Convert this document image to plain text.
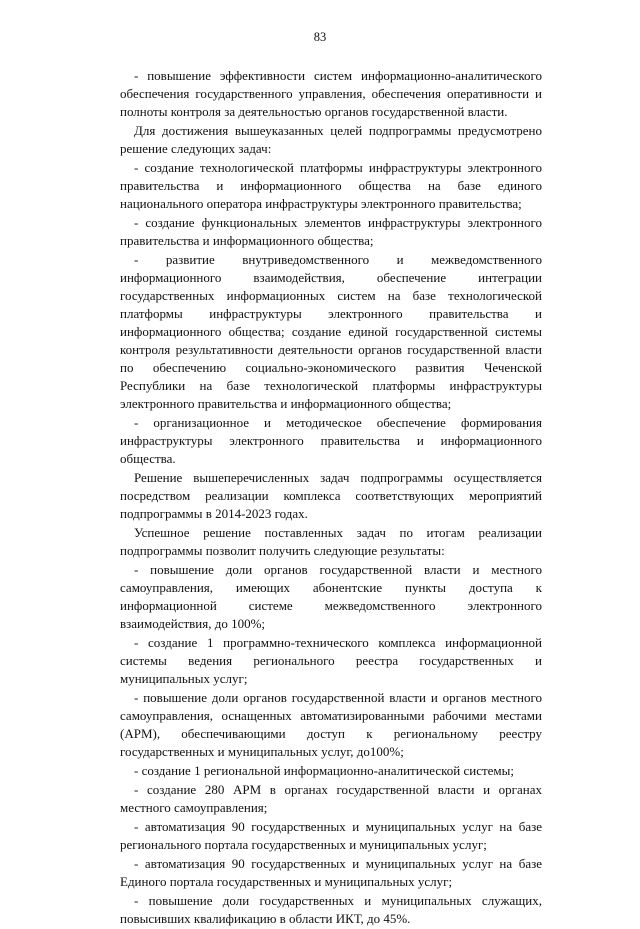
83

- повышение эффективности систем информационно-аналитического обеспечения государственного управления, обеспечения оперативности и полноты контроля за деятельностью органов государственной власти.

Для достижения вышеуказанных целей подпрограммы предусмотрено решение следующих задач:

- создание технологической платформы инфраструктуры электронного правительства и информационного общества на базе единого национального оператора инфраструктуры электронного правительства;

- создание функциональных элементов инфраструктуры электронного правительства и информационного общества;

- развитие внутриведомственного и межведомственного информационного взаимодействия, обеспечение интеграции государственных информационных систем на базе технологической платформы инфраструктуры электронного правительства и информационного общества; создание единой государственной системы контроля результативности деятельности органов государственной власти по обеспечению социально-экономического развития Чеченской Республики на базе технологической платформы инфраструктуры электронного правительства и информационного общества;

- организационное и методическое обеспечение формирования инфраструктуры электронного правительства и информационного общества.

Решение вышеперечисленных задач подпрограммы осуществляется посредством реализации комплекса соответствующих мероприятий подпрограммы в 2014-2023 годах.

Успешное решение поставленных задач по итогам реализации подпрограммы позволит получить следующие результаты:

- повышение доли органов государственной власти и местного самоуправления, имеющих абонентские пункты доступа к информационной системе межведомственного электронного взаимодействия, до 100%;

- создание 1 программно-технического комплекса информационной системы ведения регионального реестра государственных и муниципальных услуг;

- повышение доли органов государственной власти и органов местного самоуправления, оснащенных автоматизированными рабочими местами (АРМ), обеспечивающими доступ к региональному реестру государственных и муниципальных услуг, до100%;

- создание 1 региональной информационно-аналитической системы;

- создание 280 АРМ в органах государственной власти и органах местного самоуправления;

- автоматизация 90 государственных и муниципальных услуг на базе регионального портала государственных и муниципальных услуг;

- автоматизация 90 государственных и муниципальных услуг на базе Единого портала государственных и муниципальных услуг;

- повышение доли государственных и муниципальных служащих, повысивших квалификацию в области ИКТ, до 45%.
